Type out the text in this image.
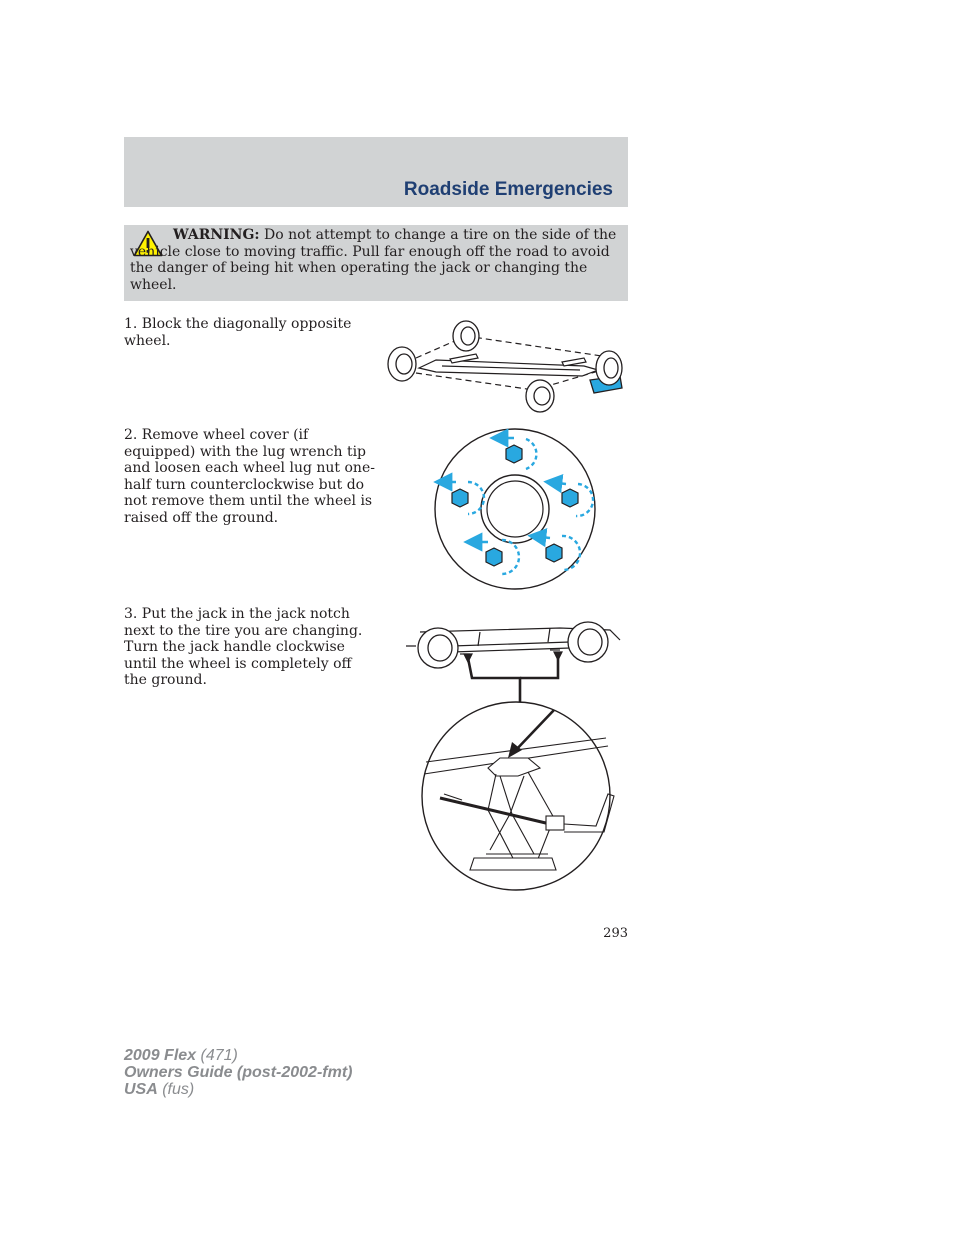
Roadside Emergencies
WARNING: Do not attempt to change a tire on the side of the vehicle close to moving traffic. Pull far enough off the road to avoid the danger of being hit when operating the jack or changing the wheel.
1. Block the diagonally opposite wheel.
2. Remove wheel cover (if equipped) with the lug wrench tip and loosen each wheel lug nut one-half turn counterclockwise but do not remove them until the wheel is raised off the ground.
3. Put the jack in the jack notch next to the tire you are changing. Turn the jack handle clockwise until the wheel is completely off the ground.
293
2009 Flex (471)
Owners Guide (post-2002-fmt)
USA (fus)
